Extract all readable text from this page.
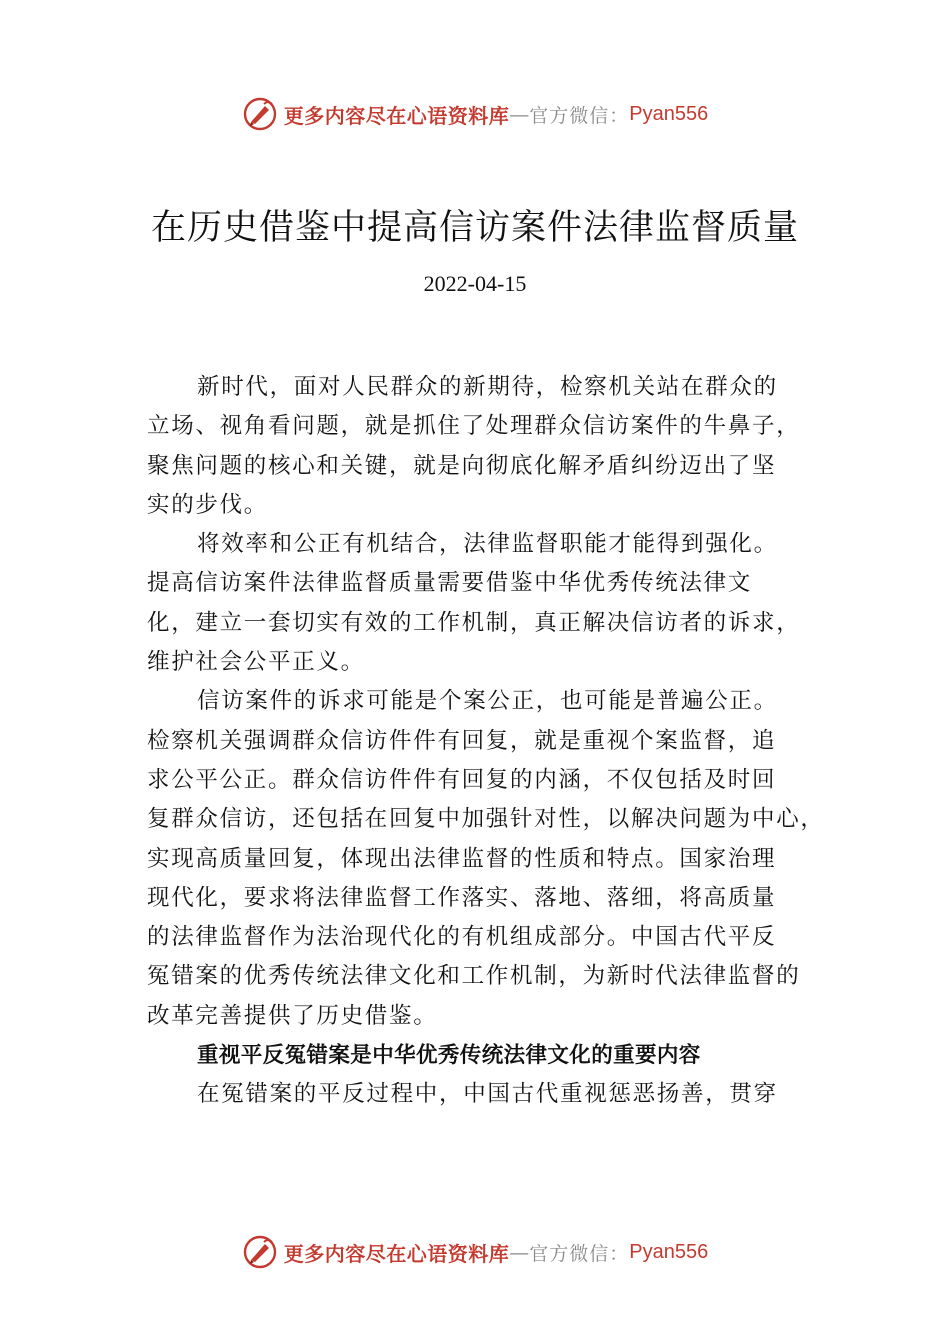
更多内容尽在心语资料库 — 官方微信： Pyan556
在历史借鉴中提高信访案件法律监督质量
2022-04-15

新时代，面对人民群众的新期待，检察机关站在群众的
立场、视角看问题，就是抓住了处理群众信访案件的牛鼻子，
聚焦问题的核心和关键，就是向彻底化解矛盾纠纷迈出了坚
实的步伐。

将效率和公正有机结合，法律监督职能才能得到强化。
提高信访案件法律监督质量需要借鉴中华优秀传统法律文
化，建立一套切实有效的工作机制，真正解决信访者的诉求，
维护社会公平正义。

信访案件的诉求可能是个案公正，也可能是普遍公正。
检察机关强调群众信访件件有回复，就是重视个案监督，追
求公平公正。群众信访件件有回复的内涵，不仅包括及时回
复群众信访，还包括在回复中加强针对性，以解决问题为中心，
实现高质量回复，体现出法律监督的性质和特点。国家治理
现代化，要求将法律监督工作落实、落地、落细，将高质量
的法律监督作为法治现代化的有机组成部分。中国古代平反
冤错案的优秀传统法律文化和工作机制，为新时代法律监督的
改革完善提供了历史借鉴。

重视平反冤错案是中华优秀传统法律文化的重要内容

在冤错案的平反过程中，中国古代重视惩恶扬善，贯穿

更多内容尽在心语资料库 — 官方微信： Pyan556
